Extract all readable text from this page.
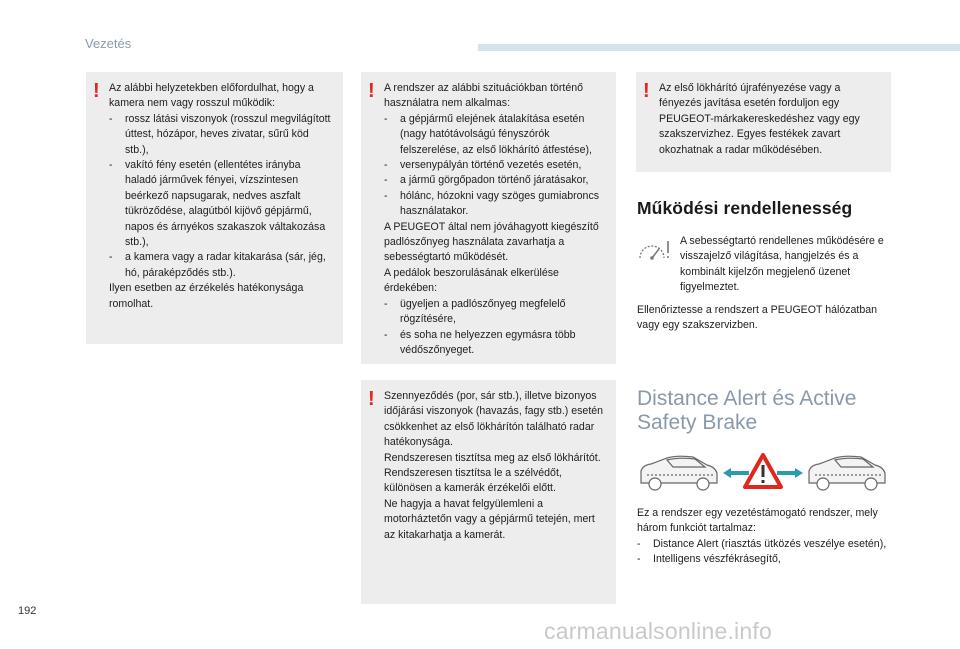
Vezetés
! Az alábbi helyzetekben előfordulhat, hogy a kamera nem vagy rosszul működik:

- rossz látási viszonyok (rosszul megvilágított úttest, hózápor, heves zivatar, sűrű köd stb.),
- vakító fény esetén (ellentétes irányba haladó járművek fényei, vízszintesen beérkező napsugarak, nedves aszfalt tükröződése, alagútból kijövő gépjármű, napos és árnyékos szakaszok váltakozása stb.),
- a kamera vagy a radar kitakarása (sár, jég, hó, páraképződés stb.).

Ilyen esetben az érzékelés hatékonysága romolhat.

! A rendszer az alábbi szituációkban történő használatra nem alkalmas:

- a gépjármű elejének átalakítása esetén (nagy hatótávolságú fényszórók felszerelése, az első lökhárító átfestése),
- versenypályán történő vezetés esetén,
- a jármű görgőpadon történő járatásakor,
- hólánc, hózokni vagy szöges gumiabroncs használatakor.

A PEUGEOT által nem jóváhagyott kiegészítő padlószőnyeg használata zavarhatja a sebességtartó működését.

A pedálok beszorulásának elkerülése érdekében:

- ügyeljen a padlószőnyeg megfelelő rögzítésére,
- és soha ne helyezzen egymásra több védőszőnyeget.
! Szennyeződés (por, sár stb.), illetve bizonyos időjárási viszonyok (havazás, fagy stb.) esetén csökkenhet az első lökhárítón található radar hatékonysága.

Rendszeresen tisztítsa meg az első lökhárítót.

Rendszeresen tisztítsa le a szélvédőt, különösen a kamerák érzékelői előtt.

Ne hagyja a havat felgyülemleni a motorháztetőn vagy a gépjármű tetején, mert az kitakarhatja a kamerát.

! Az első lökhárító újrafényezése vagy a fényezés javítása esetén forduljon egy PEUGEOT-márkakereskedéshez vagy egy szakszervizhez. Egyes festékek zavart okozhatnak a radar működésében.

Működési rendellenesség
A sebességtartó rendellenes működésére e visszajelző világítása, hangjelzés és a kombinált kijelzőn megjelenő üzenet figyelmeztet.
Ellenőriztesse a rendszert a PEUGEOT hálózatban vagy egy szakszervizben.
Distance Alert és Active
Safety Brake

Ez a rendszer egy vezetéstámogató rendszer, mely három funkciót tartalmaz:

- Distance Alert (riasztás ütközés veszélye esetén),
- Intelligens vészfékrásegítő,
192
carmanualsonline.info
